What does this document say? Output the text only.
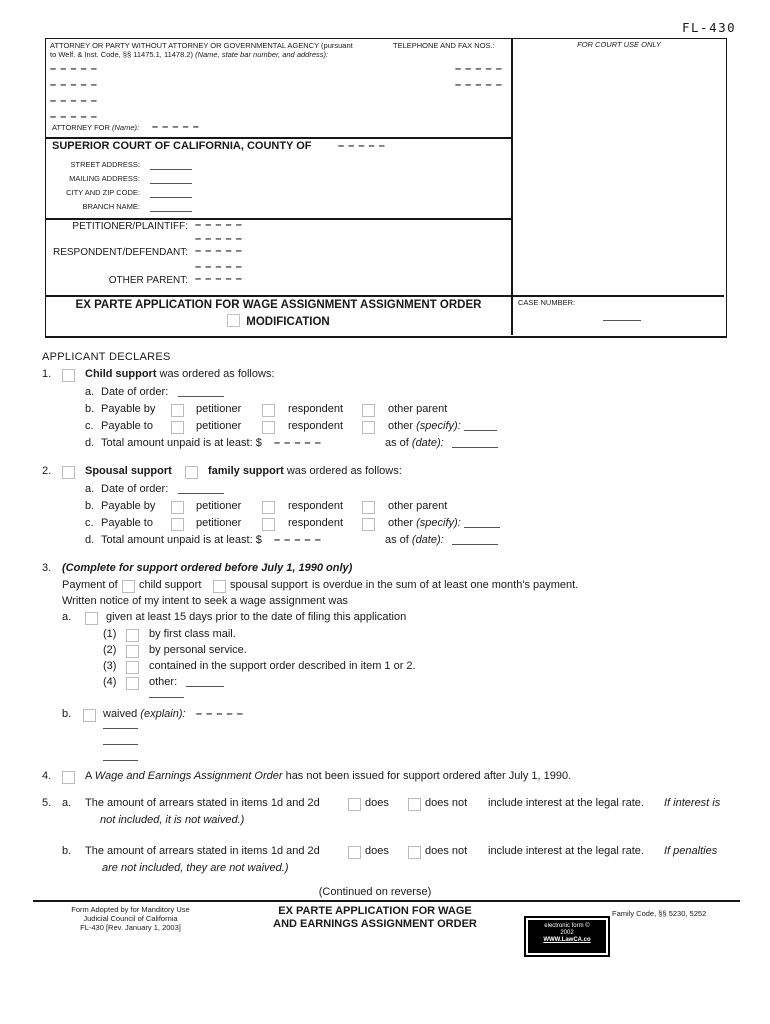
FL-430
ATTORNEY OR PARTY WITHOUT ATTORNEY OR GOVERNMENTAL AGENCY (pursuant
to Welf. & Inst. Code, §§ 11475.1, 11478.2) (Name, state bar number, and address):
– – – – –
– – – – –
– – – – –
– – – – –
TELEPHONE AND FAX NOS.:
– – – – –
– – – – –
ATTORNEY FOR (Name): – – – – –
SUPERIOR COURT OF CALIFORNIA, COUNTY OF – – – – –
STREET ADDRESS:
MAILING ADDRESS:
CITY AND ZIP CODE:
BRANCH NAME:
PETITIONER/PLAINTIFF: – – – – –
– – – – –
RESPONDENT/DEFENDANT: – – – – –
– – – – –
OTHER PARENT: – – – – –
EX PARTE APPLICATION FOR WAGE ASSIGNMENT ASSIGNMENT ORDER
MODIFICATION
FOR COURT USE ONLY
CASE NUMBER:
APPLICANT DECLARES
1.	Child support was ordered as follows:
a. Date of order:
b. Payable by	petitioner	respondent	other parent
c. Payable to	petitioner	respondent	other (specify):
d. Total amount unpaid is at least: $ – – – – –	as of (date):
2.	Spousal support	family support was ordered as follows:
a. Date of order:
b. Payable by	petitioner	respondent	other parent
c. Payable to	petitioner	respondent	other (specify):
d. Total amount unpaid is at least: $ – – – – –	as of (date):
3. (Complete for support ordered before July 1, 1990 only)
Payment of child support	spousal support is overdue in the sum of at least one month's payment.
Written notice of my intent to seek a wage assignment was
a.	given at least 15 days prior to the date of filing this application
(1)	by first class mail.
(2)	by personal service.
(3)	contained in the support order described in item 1 or 2.
(4)	other:
b.	waived (explain): – – – – –
4.	A Wage and Earnings Assignment Order has not been issued for support ordered after July 1, 1990.
5. a. The amount of arrears stated in items 1d and 2d	does	does not include interest at the legal rate. If interest is
not included, it is not waived.)
b. The amount of arrears stated in items 1d and 2d	does	does not include interest at the legal rate. If penalties
are not included, they are not waived.)
(Continued on reverse)
Form Adopted by for Manditory Use
Judicial Council of California
FL-430 [Rev. January 1, 2003]
EX PARTE APPLICATION FOR WAGE
AND EARNINGS ASSIGNMENT ORDER	electronic form ©
2002
WWW.LawCA.co
Family Code, §§ 5230, 5252
